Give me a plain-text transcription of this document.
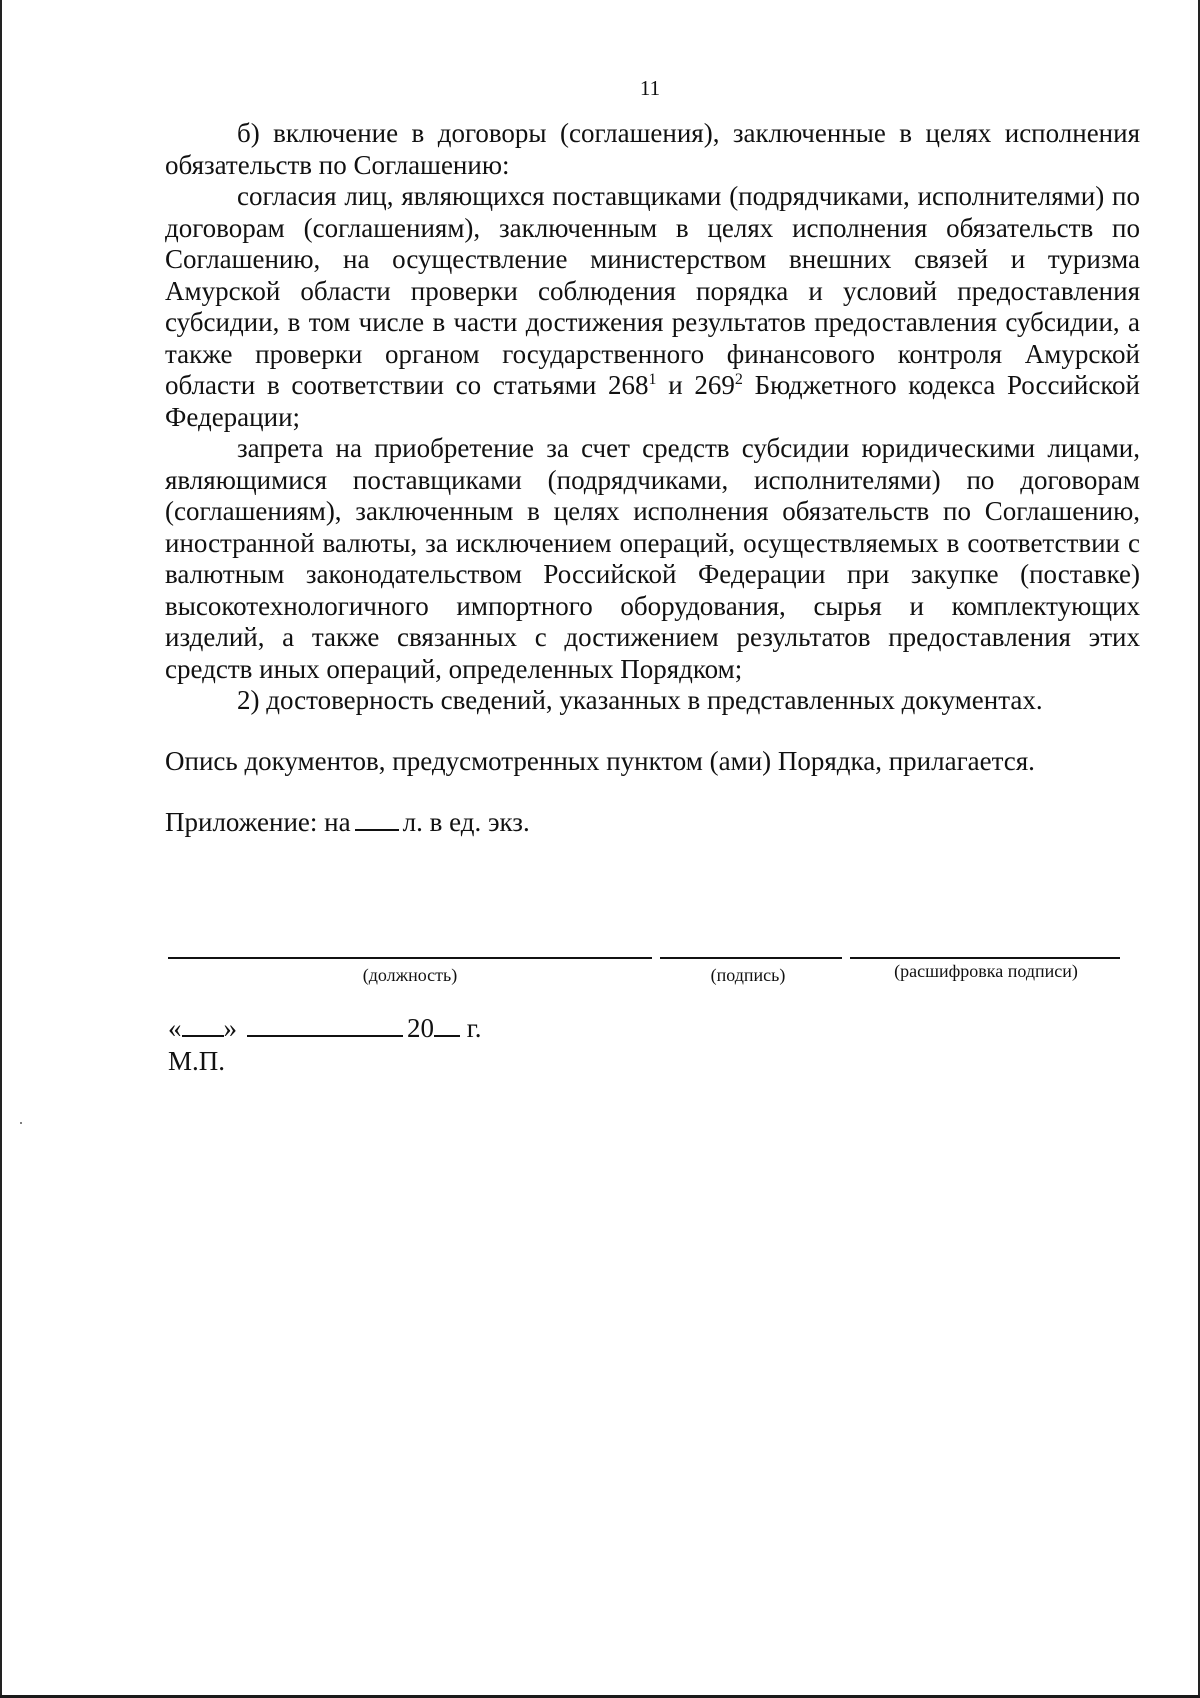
11

б) включение в договоры (соглашения), заключенные в целях исполнения обязательств по Соглашению:

согласия лиц, являющихся поставщиками (подрядчиками, исполнителями) по договорам (соглашениям), заключенным в целях исполнения обязательств по Соглашению, на осуществление министерством внешних связей и туризма Амурской области проверки соблюдения порядка и условий предоставления субсидии, в том числе в части достижения результатов предоставления субсидии, а также проверки органом государственного финансового контроля Амурской области в соответствии со статьями $268^1$ и $269^2$ Бюджетного кодекса Российской Федерации;

запрета на приобретение за счет средств субсидии юридическими лицами, являющимися поставщиками (подрядчиками, исполнителями) по договорам (соглашениям), заключенным в целях исполнения обязательств по Соглашению, иностранной валюты, за исключением операций, осуществляемых в соответствии с валютным законодательством Российской Федерации при закупке (поставке) высокотехнологичного импортного оборудования, сырья и комплектующих изделий, а также связанных с достижением результатов предоставления этих средств иных операций, определенных Порядком;

2) достоверность сведений, указанных в представленных документах.

Опись документов, предусмотренных пунктом (ами) Порядка, прилагается.

Приложение: на л. в ед. экз.

(должность)	(подпись)	(расшифровка подписи)
« »	20 г.
М.П.
